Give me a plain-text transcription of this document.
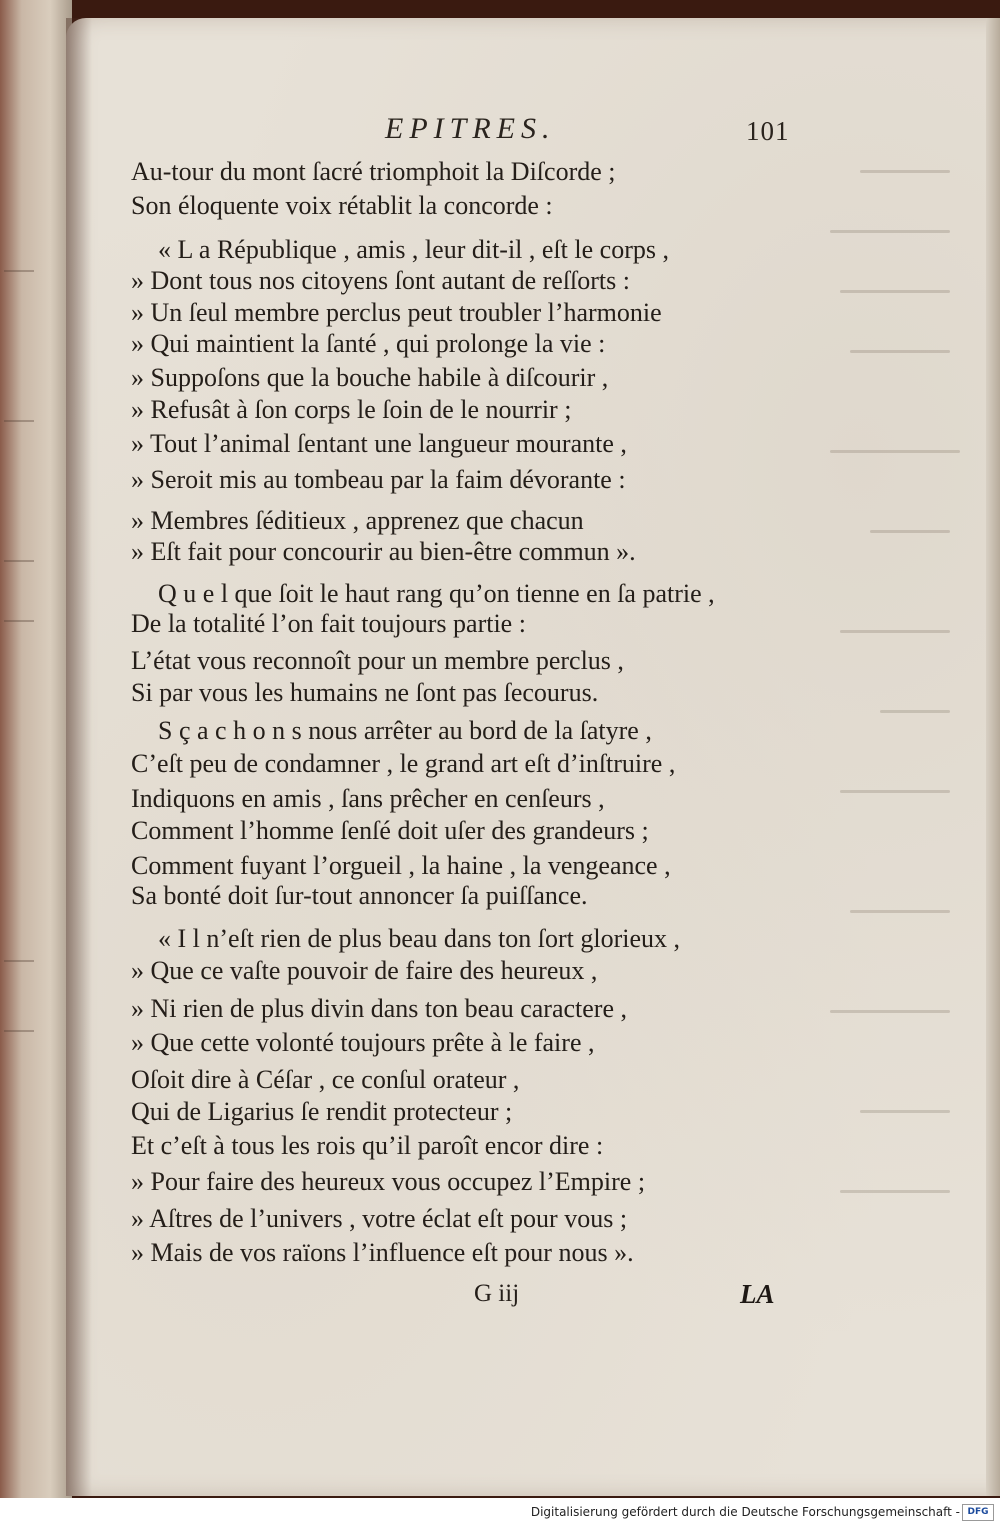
EPITRES.	101
Au-tour du mont ſacré triomphoit la Diſcorde ;
Son éloquente voix rétablit la concorde :
« L a République , amis , leur dit-il , eſt le corps ,
» Dont tous nos citoyens ſont autant de reſſorts :
» Un ſeul membre perclus peut troubler l’harmonie
» Qui maintient la ſanté , qui prolonge la vie :
» Suppoſons que la bouche habile à diſcourir ,
» Refusât à ſon corps le ſoin de le nourrir ;
» Tout l’animal ſentant une langueur mourante ,
» Seroit mis au tombeau par la faim dévorante :
» Membres ſéditieux , apprenez que chacun
» Eſt fait pour concourir au bien-être commun ».
Q u e l que ſoit le haut rang qu’on tienne en ſa patrie ,
De la totalité l’on fait toujours partie :
L’état vous reconnoît pour un membre perclus ,
Si par vous les humains ne ſont pas ſecourus.
S ç a c h o n s nous arrêter au bord de la ſatyre ,
C’eſt peu de condamner , le grand art eſt d’inſtruire ,
Indiquons en amis , ſans prêcher en cenſeurs ,
Comment l’homme ſenſé doit uſer des grandeurs ;
Comment fuyant l’orgueil , la haine , la vengeance ,
Sa bonté doit ſur-tout annoncer ſa puiſſance.
« I l n’eſt rien de plus beau dans ton ſort glorieux ,
» Que ce vaſte pouvoir de faire des heureux ,
» Ni rien de plus divin dans ton beau caractere ,
» Que cette volonté toujours prête à le faire ,
Oſoit dire à Céſar , ce conſul orateur ,
Qui de Ligarius ſe rendit protecteur ;
Et c’eſt à tous les rois qu’il paroît encor dire :
» Pour faire des heureux vous occupez l’Empire ;
» Aſtres de l’univers , votre éclat eſt pour vous ;
» Mais de vos raïons l’influence eſt pour nous ».
G iij	LA
Digitalisierung gefördert durch die Deutsche Forschungsgemeinschaft - DFG
